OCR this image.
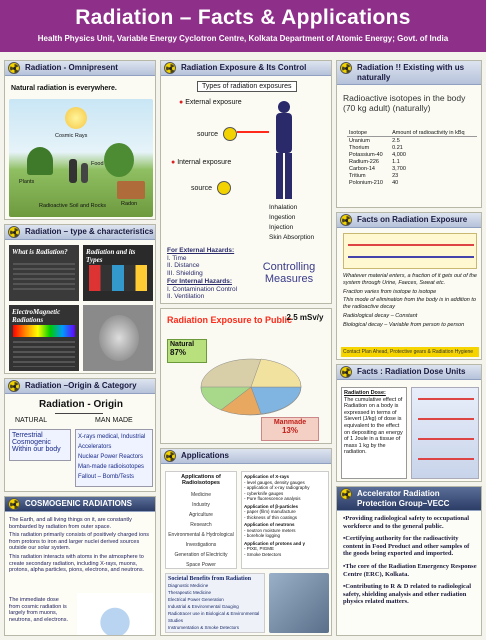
Radiation – Facts & Applications
Health Physics Unit, Variable Energy Cyclotron Centre, Kolkata Department of Atomic Energy; Govt. of India
Radiation - Omnipresent
Natural radiation is everywhere.
Cosmic Rays
Plants
Food
Radon
Radioactive Soil and Rocks
Radiation – type & characteristics
What is Radiation?	Radiation and its Types
ElectroMagnetic Radiations
Radiation –Origin & Category
Radiation - Origin
NATURAL	MAN MADE
Terrestrial
Cosmogenic
Within our body
X-rays medical, Industrial
Accelerators
Nuclear Power Reactors
Man-made radioisotopes
Fallout – Bomb/Tests
COSMOGENIC RADIATIONS

The Earth, and all living things on it, are constantly bombarded by radiation from outer space.

This radiation primarily consists of positively charged ions from protons to iron and larger nuclei derived sources outside our solar system.

This radiation interacts with atoms in the atmosphere to create secondary radiation, including X-rays, muons, protons, alpha particles, pions, electrons, and neutrons.

The immediate dose from cosmic radiation is largely from muons, neutrons, and electrons.
Radiation Exposure & Its Control
Types of radiation exposures
● External exposure
source
● Internal exposure
source
Inhalation
Ingestion
Injection
Skin Absorption
For External Hazards:
I. Time
II. Distance
III. Shielding
For Internal Hazards:
I. Contamination Control
II. Ventilation
Controlling
Measures
Radiation Exposure to Public
2.5 mSv/y
Natural
87%
Manmade
13%
Applications
Applications of Radioisotopes
Medicine
Industry
Agriculture
Research
Environmental & Hydrological Investigations
Generation of Electricity
Space Power
Application of X-rays
- level gauges, density gauges
- application of x-ray radiography
- cyberknife gauges
- Pure fluorescence analysis
Application of β-particles
- paper (film) manufacture
- thickness of thin coatings
Application of neutrons
- neutron moisture meters
- borehole logging
Application of protons and γ
- PIXE, PIGME
- Smoke Detectors
Societal Benefits from Radiation
Diagnostic Medicine
Therapeutic Medicine
Electrical Power Generation
Industrial & Environmental Gauging
Radiotracer use in Biological & Environmental Studies
Instrumentation & Smoke Detectors
Radiation !! Existing with us naturally
Radioactive isotopes in the body (70 kg adult) (naturally)
Isotope	Amount of radioactivity in kBq
Uranium	2.5
Thorium	0.21
Potassium-40	4,000
Radium-226	1.1
Carbon-14	3,700
Tritium	23
Polonium-210	40
Facts on Radiation Exposure
Whatever material enters, a fraction of it gets out of the system through Urine, Faeces, Sweat etc.
Fraction varies from isotope to isotope
This mode of elimination from the body is in addition to the radioactive decay
Radiological decay – Constant
Biological decay – Variable from person to person
Contact Plan Ahead, Protective gears & Radiation Hygiene
Facts : Radiation Dose Units
Radiation Dose:
The cumulative effect of Radiation on a body is expressed in terms of Sievert (J/kg) of dose is equivalent to the effect on depositing an energy of 1 Joule in a tissue of mass 1 kg by the radiation.
Accelerator Radiation Protection Group–VECC

•Providing radiological safety to occupational workforce and to the general public.

•Certifying authority for the radioactivity content in Food Product and other samples of the goods being exported and imported.

•The core of the Radiation Emergency Response Centre (ERC), Kolkata.

•Contributing to R & D related to radiological safety, shielding analysis and other radiation physics related matters.
